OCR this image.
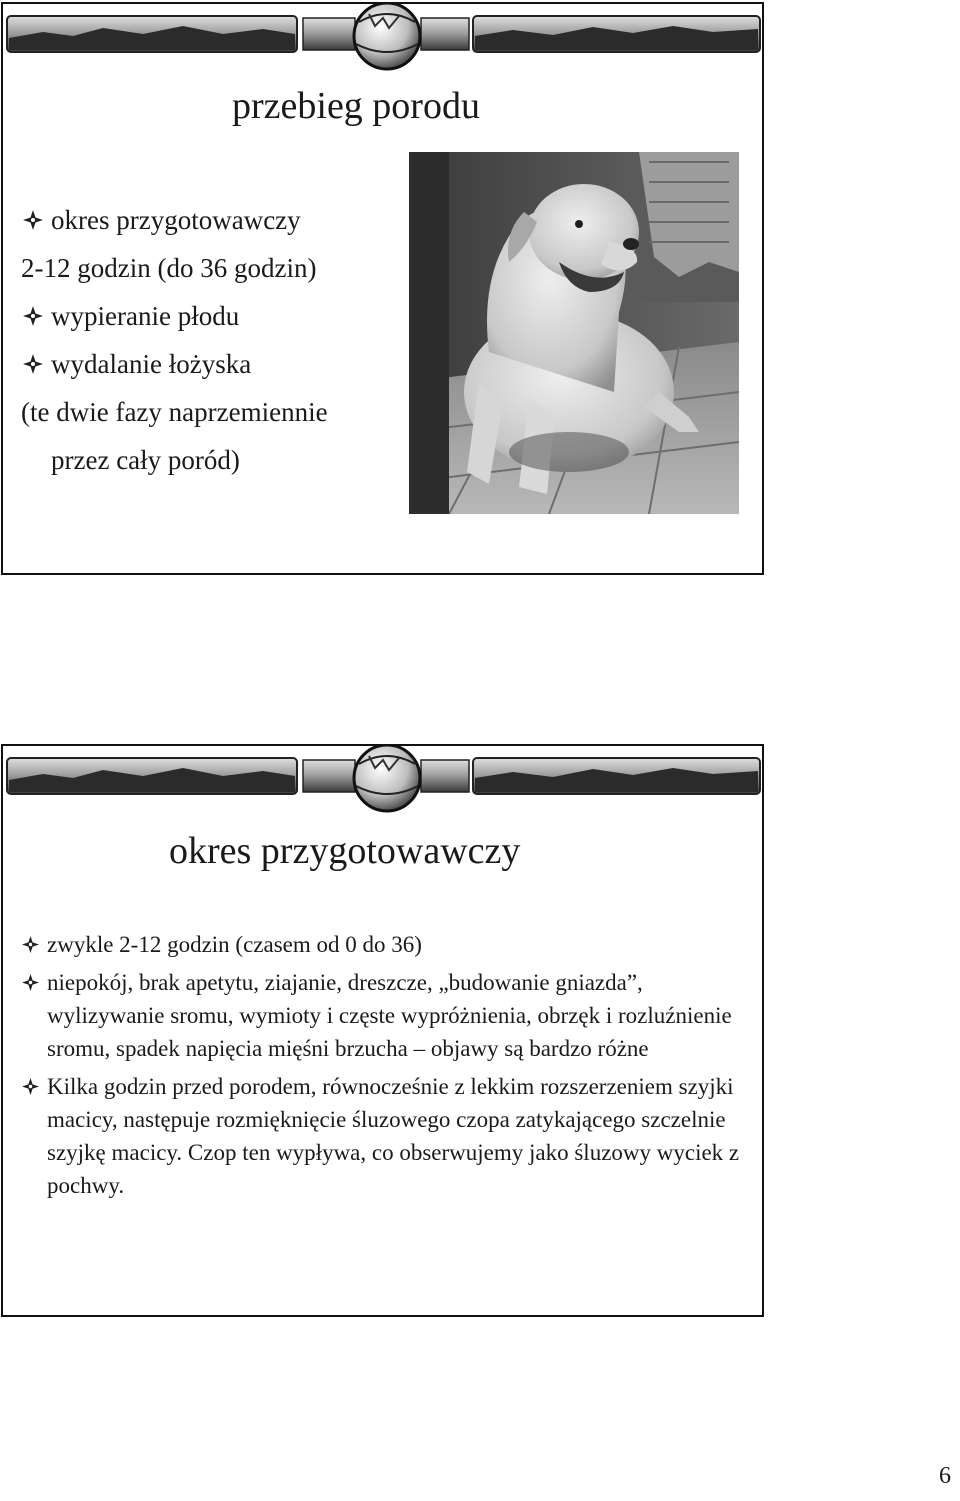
przebieg porodu
okres przygotowawczy
2-12 godzin (do 36 godzin)
wypieranie płodu
wydalanie łożyska
(te dwie fazy naprzemiennie
przez cały poród)
okres przygotowawczy
zwykle 2-12 godzin (czasem od 0 do 36)
niepokój, brak apetytu, ziajanie, dreszcze, „budowanie gniazda”, wylizywanie sromu, wymioty i częste wypróżnienia, obrzęk i rozluźnienie sromu, spadek napięcia mięśni brzucha – objawy są bardzo różne
Kilka godzin przed porodem, równocześnie z lekkim rozszerzeniem szyjki macicy, następuje rozmięknięcie śluzowego czopa zatykającego szczelnie szyjkę macicy. Czop ten wypływa, co obserwujemy jako śluzowy wyciek z pochwy.
6
